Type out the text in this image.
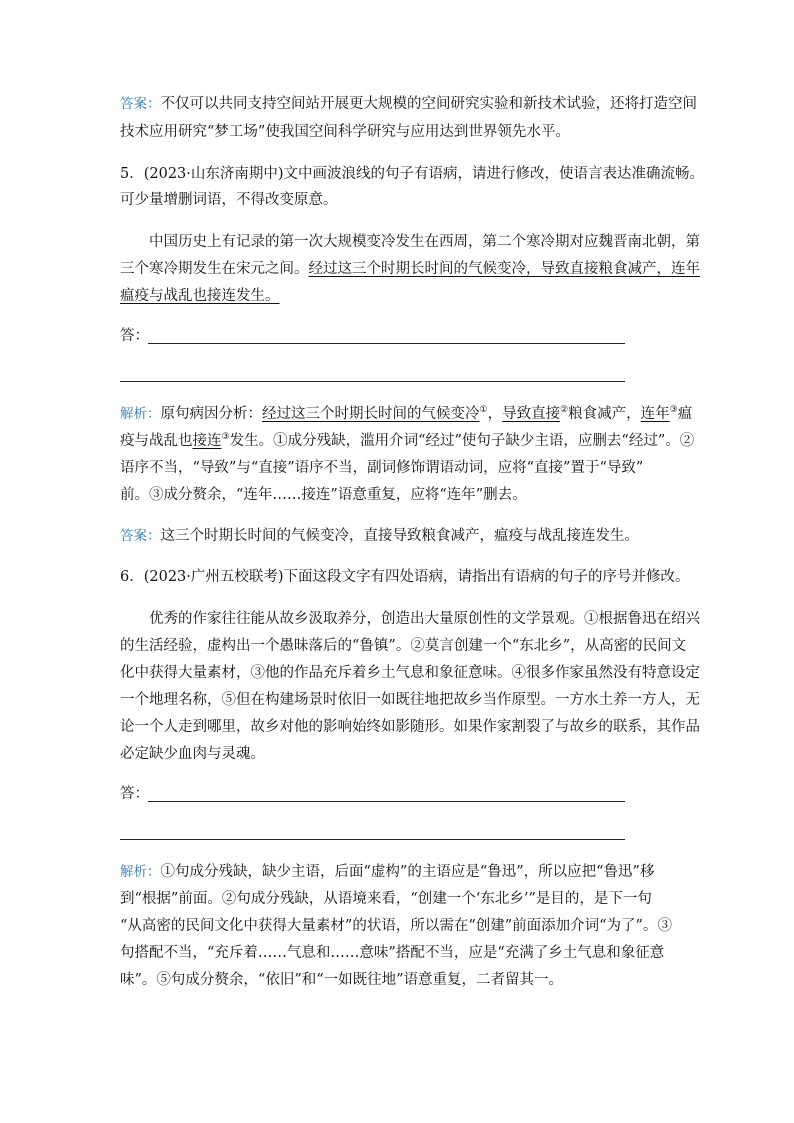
答案：不仅可以共同支持空间站开展更大规模的空间研究实验和新技术试验，还将打造空间
技术应用研究“梦工场”使我国空间科学研究与应用达到世界领先水平。
5．(2023·山东济南期中)文中画波浪线的句子有语病，请进行修改，使语言表达准确流畅。
可少量增删词语，不得改变原意。
中国历史上有记录的第一次大规模变冷发生在西周，第二个寒冷期对应魏晋南北朝，第
三个寒冷期发生在宋元之间。经过这三个时期长时间的气候变冷，导致直接粮食减产，连年
瘟疫与战乱也接连发生。
答：
解析：原句病因分析：经过这三个时期长时间的气候变冷①，导致直接②粮食减产，连年③瘟
疫与战乱也接连③发生。①成分残缺，滥用介词“经过”使句子缺少主语，应删去“经过”。②
语序不当，“导致”与“直接”语序不当，副词修饰谓语动词，应将“直接”置于“导致”
前。③成分赘余，“连年……接连”语意重复，应将“连年”删去。
答案：这三个时期长时间的气候变冷，直接导致粮食减产，瘟疫与战乱接连发生。
6．(2023·广州五校联考)下面这段文字有四处语病，请指出有语病的句子的序号并修改。
优秀的作家往往能从故乡汲取养分，创造出大量原创性的文学景观。①根据鲁迅在绍兴
的生活经验，虚构出一个愚昧落后的“鲁镇”。②莫言创建一个“东北乡”，从高密的民间文
化中获得大量素材，③他的作品充斥着乡土气息和象征意味。④很多作家虽然没有特意设定
一个地理名称，⑤但在构建场景时依旧一如既往地把故乡当作原型。一方水土养一方人，无
论一个人走到哪里，故乡对他的影响始终如影随形。如果作家割裂了与故乡的联系，其作品
必定缺少血肉与灵魂。
答：
解析：①句成分残缺，缺少主语，后面“虚构”的主语应是“鲁迅”，所以应把“鲁迅”移
到“根据”前面。②句成分残缺，从语境来看，“创建一个‘东北乡’”是目的，是下一句
“从高密的民间文化中获得大量素材”的状语，所以需在“创建”前面添加介词“为了”。③
句搭配不当，“充斥着……气息和……意味”搭配不当，应是“充满了乡土气息和象征意
味”。⑤句成分赘余，“依旧”和“一如既往地”语意重复，二者留其一。
